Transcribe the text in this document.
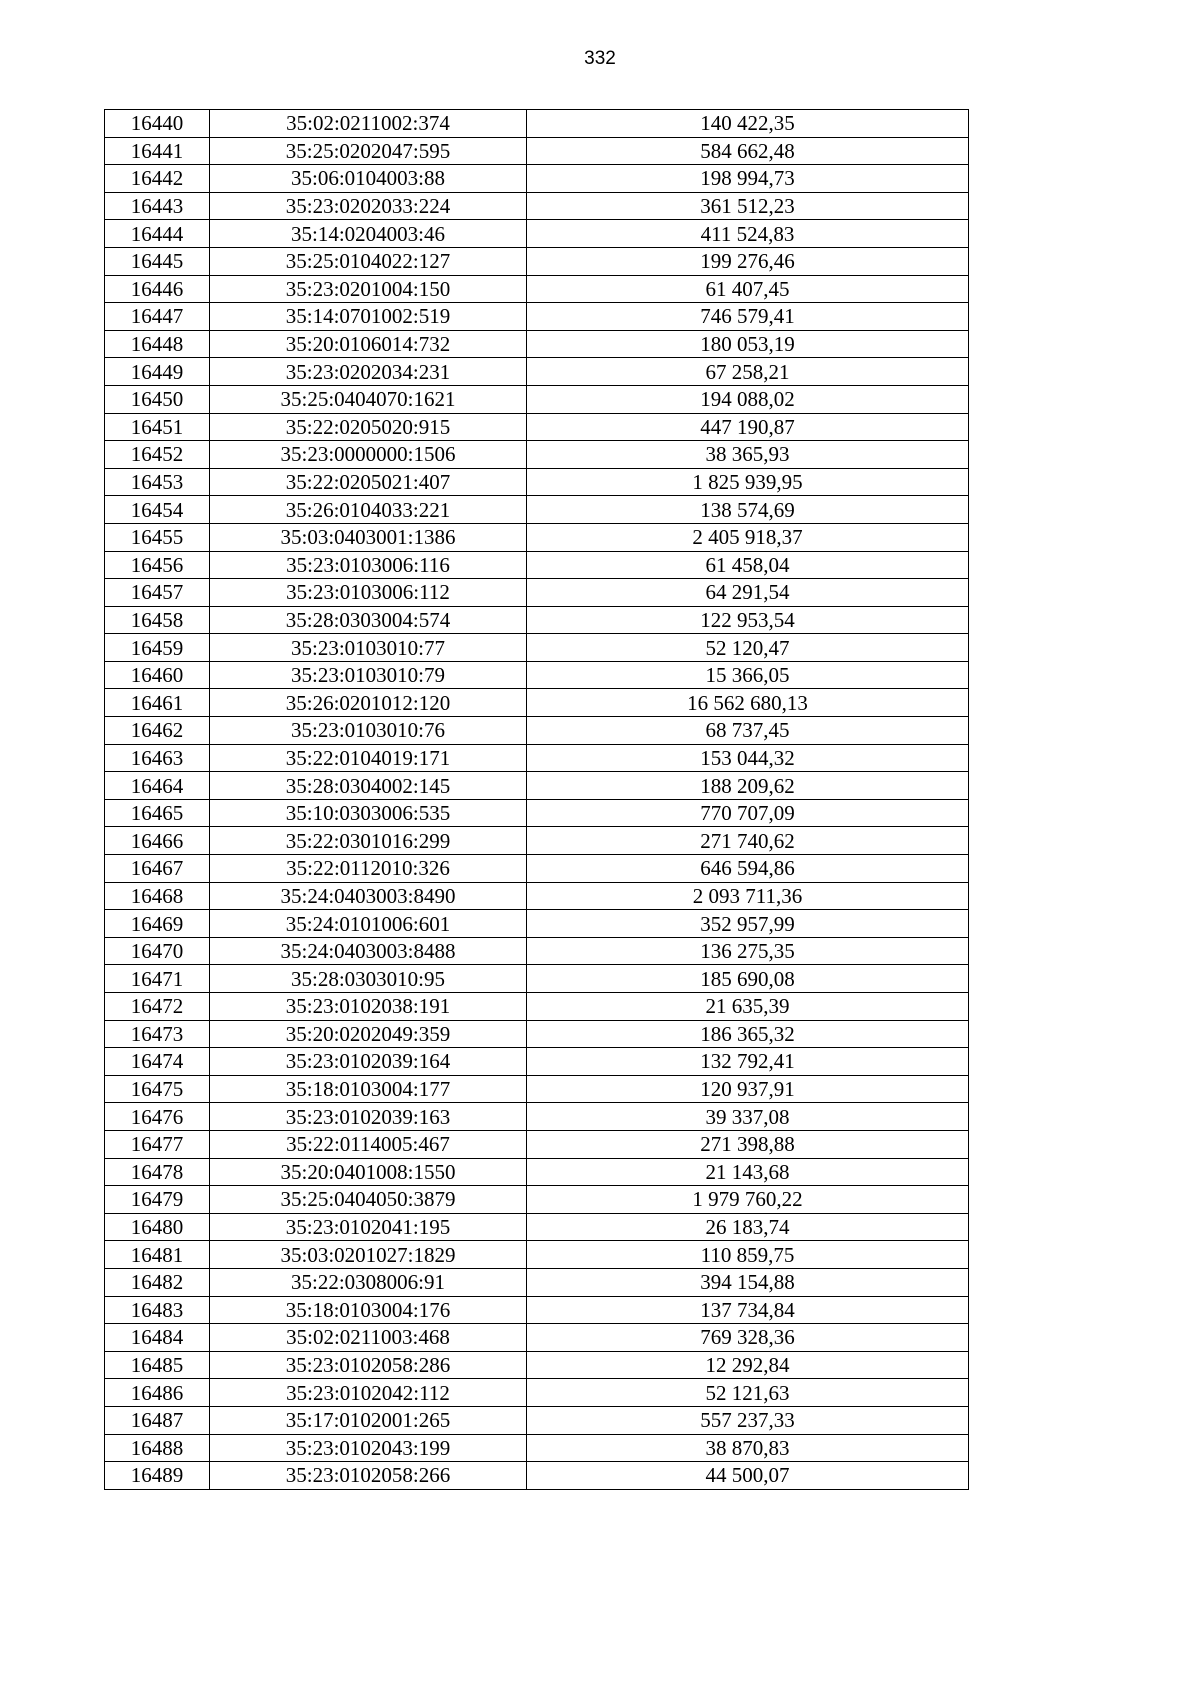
332
16440	35:02:0211002:374	140 422,35
16441	35:25:0202047:595	584 662,48
16442	35:06:0104003:88	198 994,73
16443	35:23:0202033:224	361 512,23
16444	35:14:0204003:46	411 524,83
16445	35:25:0104022:127	199 276,46
16446	35:23:0201004:150	61 407,45
16447	35:14:0701002:519	746 579,41
16448	35:20:0106014:732	180 053,19
16449	35:23:0202034:231	67 258,21
16450	35:25:0404070:1621	194 088,02
16451	35:22:0205020:915	447 190,87
16452	35:23:0000000:1506	38 365,93
16453	35:22:0205021:407	1 825 939,95
16454	35:26:0104033:221	138 574,69
16455	35:03:0403001:1386	2 405 918,37
16456	35:23:0103006:116	61 458,04
16457	35:23:0103006:112	64 291,54
16458	35:28:0303004:574	122 953,54
16459	35:23:0103010:77	52 120,47
16460	35:23:0103010:79	15 366,05
16461	35:26:0201012:120	16 562 680,13
16462	35:23:0103010:76	68 737,45
16463	35:22:0104019:171	153 044,32
16464	35:28:0304002:145	188 209,62
16465	35:10:0303006:535	770 707,09
16466	35:22:0301016:299	271 740,62
16467	35:22:0112010:326	646 594,86
16468	35:24:0403003:8490	2 093 711,36
16469	35:24:0101006:601	352 957,99
16470	35:24:0403003:8488	136 275,35
16471	35:28:0303010:95	185 690,08
16472	35:23:0102038:191	21 635,39
16473	35:20:0202049:359	186 365,32
16474	35:23:0102039:164	132 792,41
16475	35:18:0103004:177	120 937,91
16476	35:23:0102039:163	39 337,08
16477	35:22:0114005:467	271 398,88
16478	35:20:0401008:1550	21 143,68
16479	35:25:0404050:3879	1 979 760,22
16480	35:23:0102041:195	26 183,74
16481	35:03:0201027:1829	110 859,75
16482	35:22:0308006:91	394 154,88
16483	35:18:0103004:176	137 734,84
16484	35:02:0211003:468	769 328,36
16485	35:23:0102058:286	12 292,84
16486	35:23:0102042:112	52 121,63
16487	35:17:0102001:265	557 237,33
16488	35:23:0102043:199	38 870,83
16489	35:23:0102058:266	44 500,07
